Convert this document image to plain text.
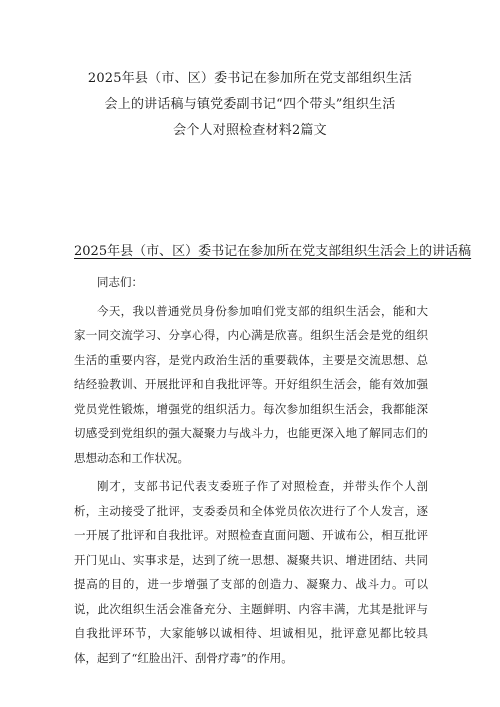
2025年县（市、区）委书记在参加所在党支部组织生活
会上的讲话稿与镇党委副书记“四个带头”组织生活
会个人对照检查材料2篇文
2025年县（市、区）委书记在参加所在党支部组织生活会上的讲话稿

同志们：

今天，我以普通党员身份参加咱们党支部的组织生活会，能和大家一同交流学习、分享心得，内心满是欣喜。组织生活会是党的组织生活的重要内容，是党内政治生活的重要载体，主要是交流思想、总结经验教训、开展批评和自我批评等。开好组织生活会，能有效加强党员党性锻炼，增强党的组织活力。每次参加组织生活会，我都能深切感受到党组织的强大凝聚力与战斗力，也能更深入地了解同志们的思想动态和工作状况。

刚才，支部书记代表支委班子作了对照检查，并带头作个人剖析，主动接受了批评，支委委员和全体党员依次进行了个人发言，逐一开展了批评和自我批评。对照检查直面问题、开诚布公，相互批评开门见山、实事求是，达到了统一思想、凝聚共识、增进团结、共同提高的目的，进一步增强了支部的创造力、凝聚力、战斗力。可以说，此次组织生活会准备充分、主题鲜明、内容丰满，尤其是批评与自我批评环节，大家能够以诚相待、坦诚相见，批评意见都比较具体，起到了“红脸出汗、刮骨疗毒”的作用。
